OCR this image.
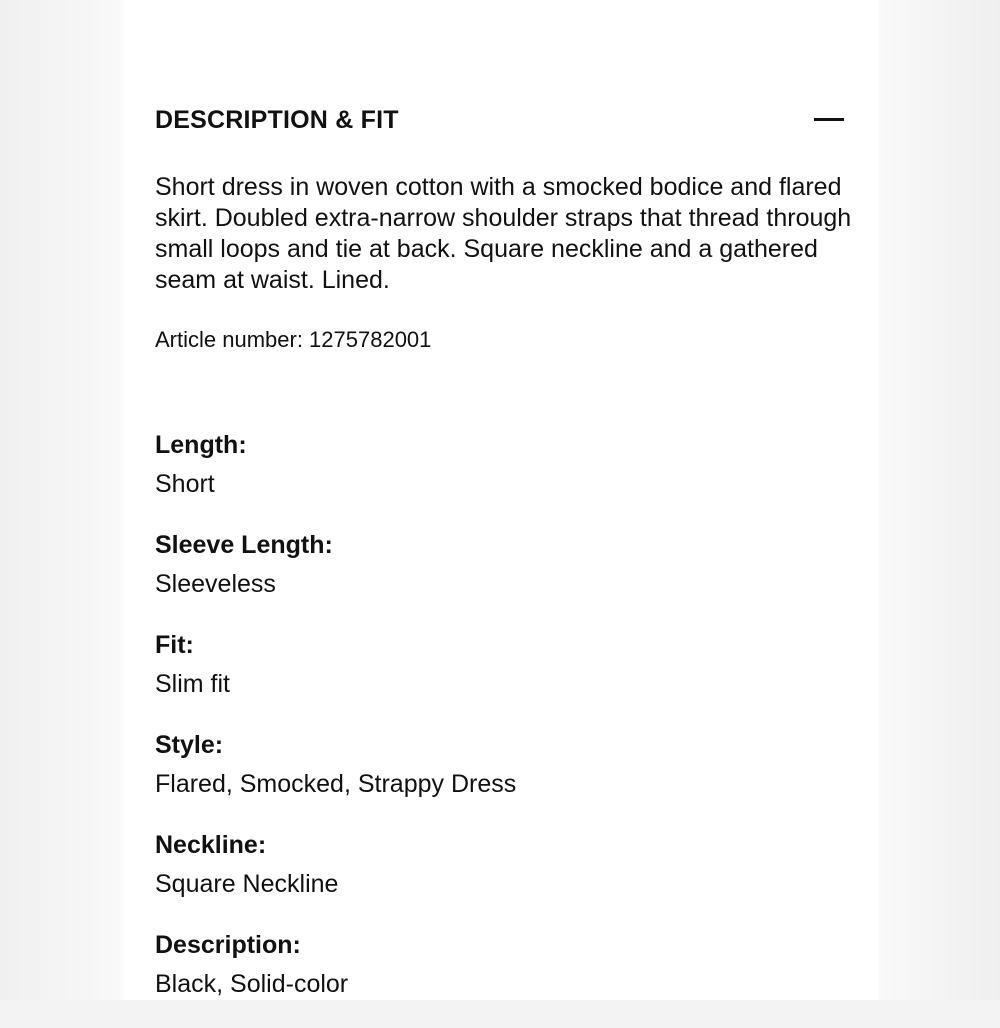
DESCRIPTION & FIT

Short dress in woven cotton with a smocked bodice and flared skirt. Doubled extra-narrow shoulder straps that thread through small loops and tie at back. Square neckline and a gathered seam at waist. Lined.

Article number: 1275782001

Length:
Short
Sleeve Length:
Sleeveless
Fit:
Slim fit
Style:
Flared, Smocked, Strappy Dress
Neckline:
Square Neckline
Description:
Black, Solid-color
